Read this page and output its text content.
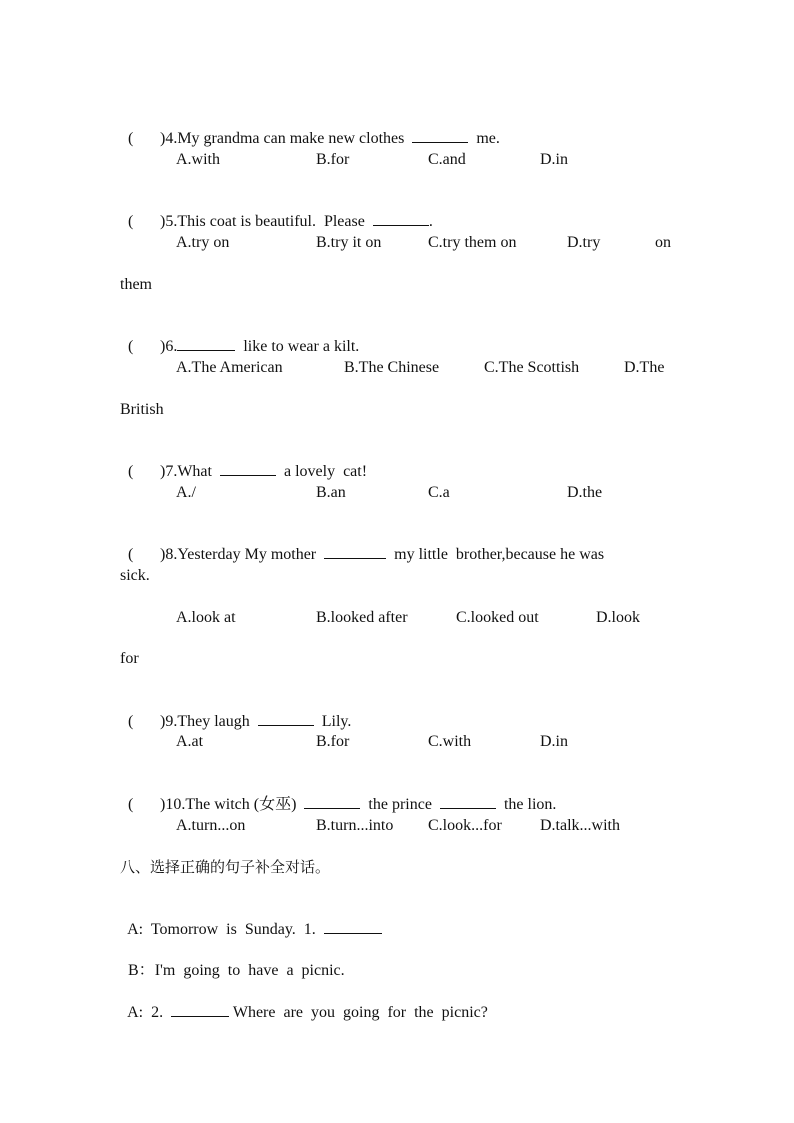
( )4.My grandma can make new clothes	me.

A.with	B.for	C.and	D.in

( )5.This coat is beautiful.  Please	.

A.try on	B.try it on	C.try them on	D.try	on
them

( )6.	like to wear a kilt.

A.The American	B.The Chinese	C.The Scottish	D.The
British

( )7.What	a lovely  cat!

A./	B.an	C.a	D.the

( )8.Yesterday My mother	my little  brother,because he was

sick.
A.look at	B.looked after	C.looked out	D.look
for

( )9.They laugh	Lily.

A.at	B.for	C.with	D.in

( )10.The witch (女巫)	the prince	the lion.

A.turn...on	B.turn...into C.look...for D.talk...with
八、选择正确的句子补全对话。

A: Tomorrow  is  Sunday.  1.

B：I'm  going  to  have  a  picnic.

A: 2.	Where  are  you  going  for  the  picnic?
